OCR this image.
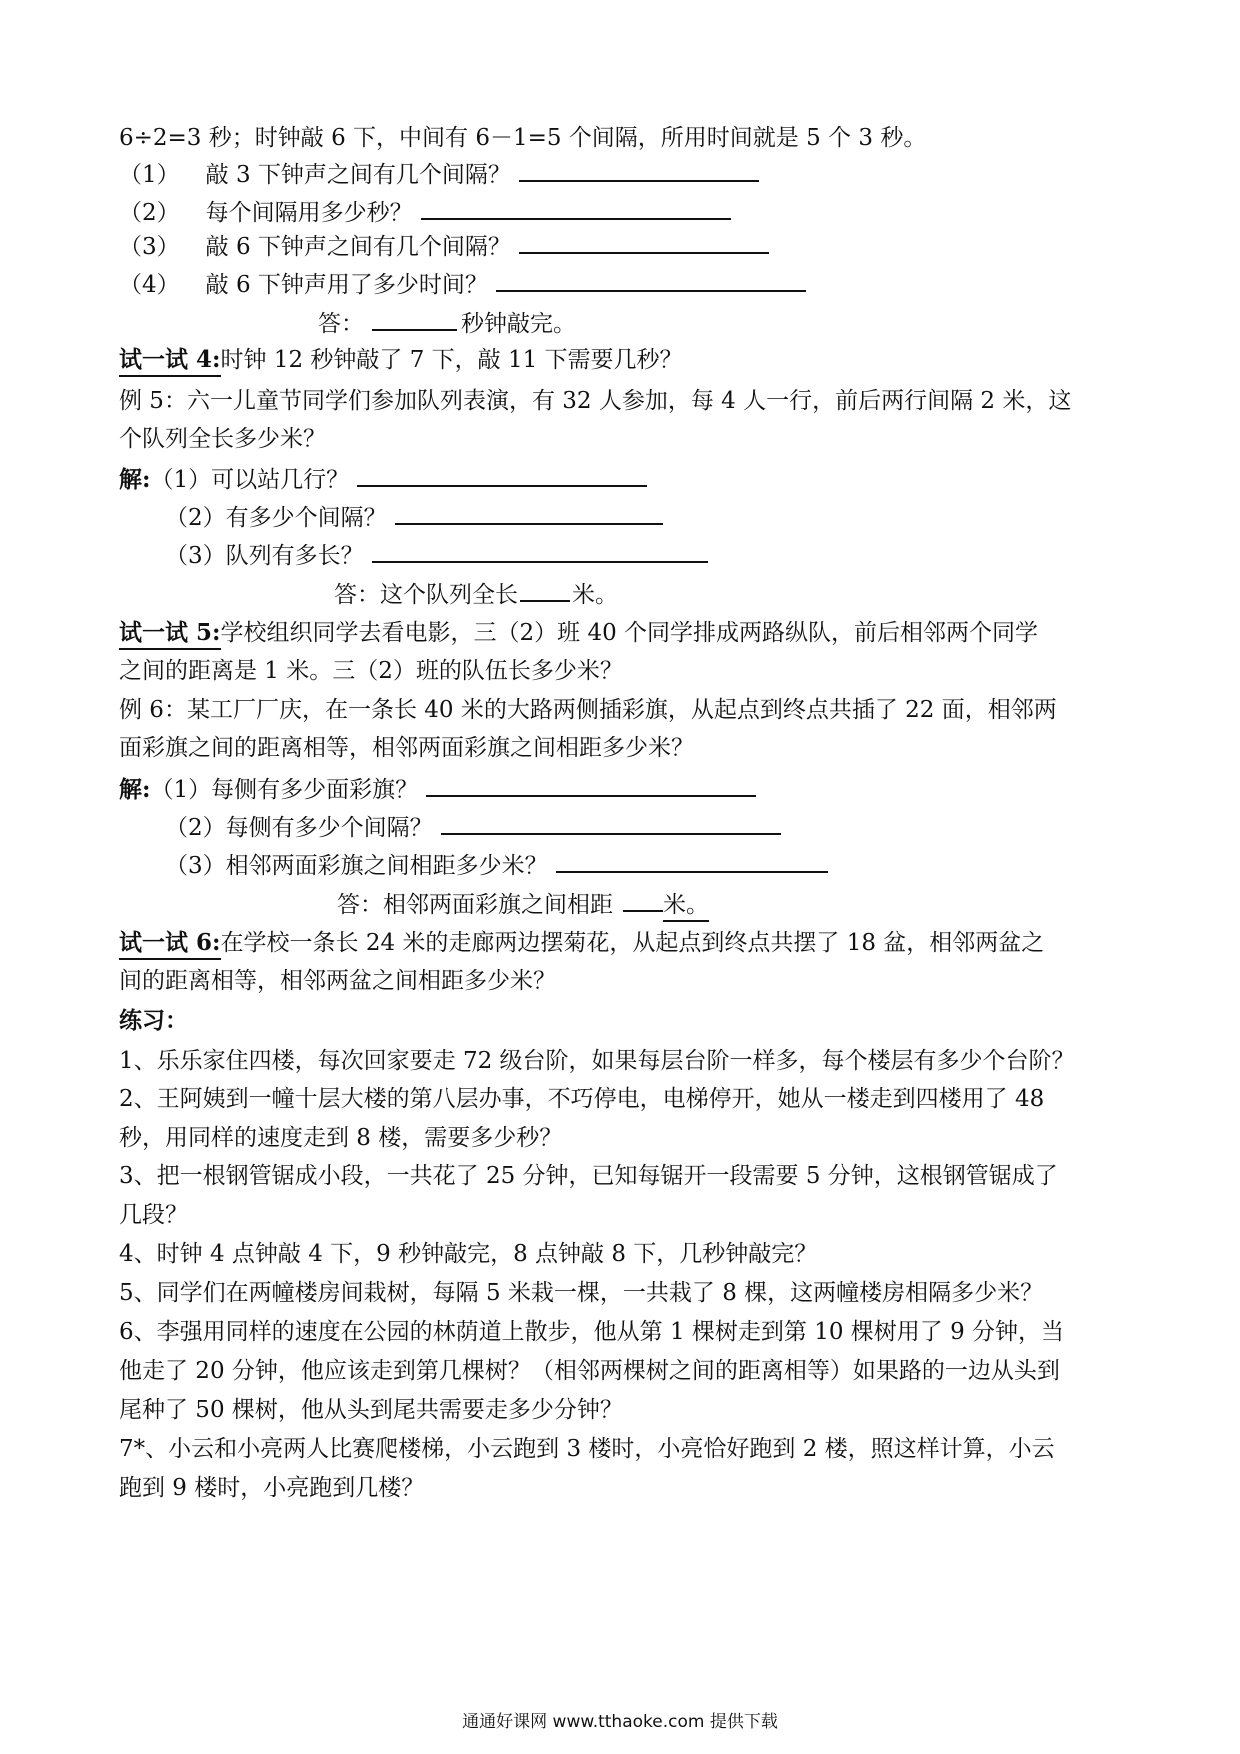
6÷2=3 秒；时钟敲 6 下，中间有 6－1=5 个间隔，所用时间就是 5 个 3 秒。
（1） 敲 3 下钟声之间有几个间隔？
（2） 每个间隔用多少秒？
（3） 敲 6 下钟声之间有几个间隔？
（4） 敲 6 下钟声用了多少时间？
答：	秒钟敲完。
试一试 4:时钟 12 秒钟敲了 7 下，敲 11 下需要几秒？
例 5：六一儿童节同学们参加队列表演，有 32 人参加，每 4 人一行，前后两行间隔 2 米，这
个队列全长多少米？
解:（1）可以站几行？
（2）有多少个间隔？
（3）队列有多长？
答：这个队列全长 米。
试一试 5:学校组织同学去看电影，三（2）班 40 个同学排成两路纵队，前后相邻两个同学
之间的距离是 1 米。三（2）班的队伍长多少米？
例 6：某工厂厂庆，在一条长 40 米的大路两侧插彩旗，从起点到终点共插了 22 面，相邻两
面彩旗之间的距离相等，相邻两面彩旗之间相距多少米？
解:（1）每侧有多少面彩旗？
（2）每侧有多少个间隔？
（3）相邻两面彩旗之间相距多少米？
答：相邻两面彩旗之间相距 米。
试一试 6:在学校一条长 24 米的走廊两边摆菊花，从起点到终点共摆了 18 盆，相邻两盆之
间的距离相等，相邻两盆之间相距多少米？
练习：
1、乐乐家住四楼，每次回家要走 72 级台阶，如果每层台阶一样多，每个楼层有多少个台阶？
2、王阿姨到一幢十层大楼的第八层办事，不巧停电，电梯停开，她从一楼走到四楼用了 48
秒，用同样的速度走到 8 楼，需要多少秒？
3、把一根钢管锯成小段，一共花了 25 分钟，已知每锯开一段需要 5 分钟，这根钢管锯成了
几段？
4、时钟 4 点钟敲 4 下，9 秒钟敲完，8 点钟敲 8 下，几秒钟敲完？
5、同学们在两幢楼房间栽树，每隔 5 米栽一棵，一共栽了 8 棵，这两幢楼房相隔多少米？
6、李强用同样的速度在公园的林荫道上散步，他从第 1 棵树走到第 10 棵树用了 9 分钟，当
他走了 20 分钟，他应该走到第几棵树？（相邻两棵树之间的距离相等）如果路的一边从头到
尾种了 50 棵树，他从头到尾共需要走多少分钟？
7*、小云和小亮两人比赛爬楼梯，小云跑到 3 楼时，小亮恰好跑到 2 楼，照这样计算，小云
跑到 9 楼时，小亮跑到几楼？
通通好课网 www.tthaoke.com 提供下载
